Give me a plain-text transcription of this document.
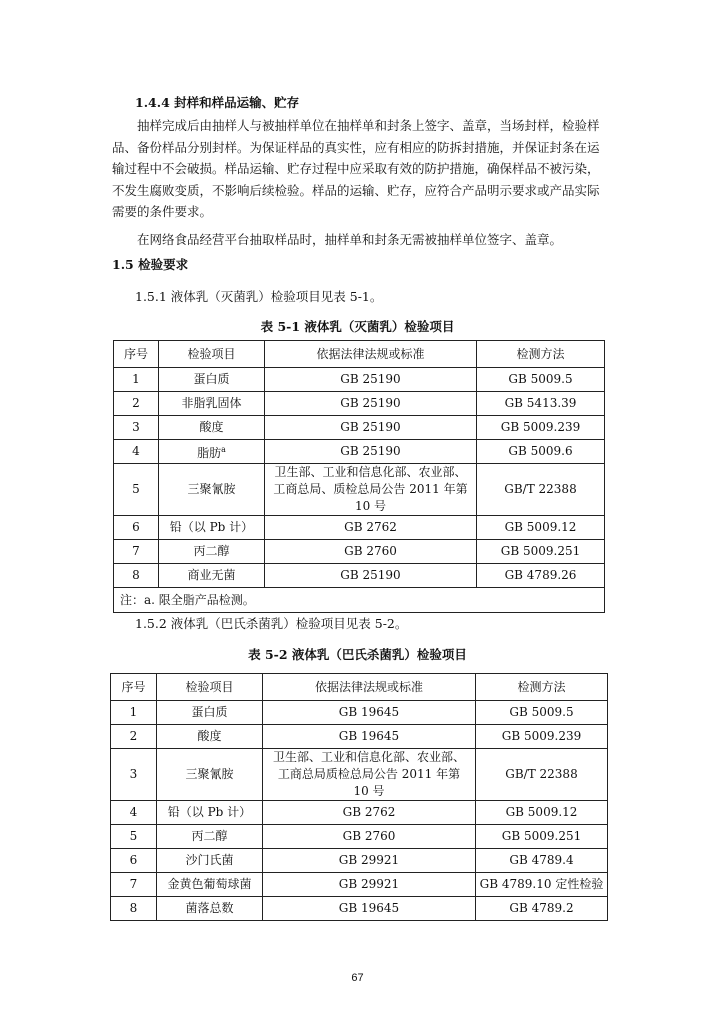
1.4.4 封样和样品运输、贮存

抽样完成后由抽样人与被抽样单位在抽样单和封条上签字、盖章，当场封样，检验样品、备份样品分别封样。为保证样品的真实性，应有相应的防拆封措施，并保证封条在运输过程中不会破损。样品运输、贮存过程中应采取有效的防护措施，确保样品不被污染，不发生腐败变质，不影响后续检验。样品的运输、贮存，应符合产品明示要求或产品实际需要的条件要求。

在网络食品经营平台抽取样品时，抽样单和封条无需被抽样单位签字、盖章。

1.5 检验要求
1.5.1 液体乳（灭菌乳）检验项目见表 5-1。
表 5-1 液体乳（灭菌乳）检验项目
序号	检验项目	依据法律法规或标准	检测方法
1	蛋白质	GB 25190	GB 5009.5
2	非脂乳固体	GB 25190	GB 5413.39
3	酸度	GB 25190	GB 5009.239
4	脂肪$^a$	GB 25190	GB 5009.6
5	三聚氰胺	卫生部、工业和信息化部、农业部、工商总局、质检总局公告 2011 年第 10 号	GB/T 22388
6	铅（以 Pb 计）	GB 2762	GB 5009.12
7	丙二醇	GB 2760	GB 5009.251
8	商业无菌	GB 25190	GB 4789.26
注：a. 限全脂产品检测。			
1.5.2 液体乳（巴氏杀菌乳）检验项目见表 5-2。
表 5-2 液体乳（巴氏杀菌乳）检验项目
序号	检验项目	依据法律法规或标准	检测方法
1	蛋白质	GB 19645	GB 5009.5
2	酸度	GB 19645	GB 5009.239
3	三聚氰胺	卫生部、工业和信息化部、农业部、工商总局质检总局公告 2011 年第 10 号	GB/T 22388
4	铅（以 Pb 计）	GB 2762	GB 5009.12
5	丙二醇	GB 2760	GB 5009.251
6	沙门氏菌	GB 29921	GB 4789.4
7	金黄色葡萄球菌	GB 29921	GB 4789.10 定性检验
8	菌落总数	GB 19645	GB 4789.2
67
